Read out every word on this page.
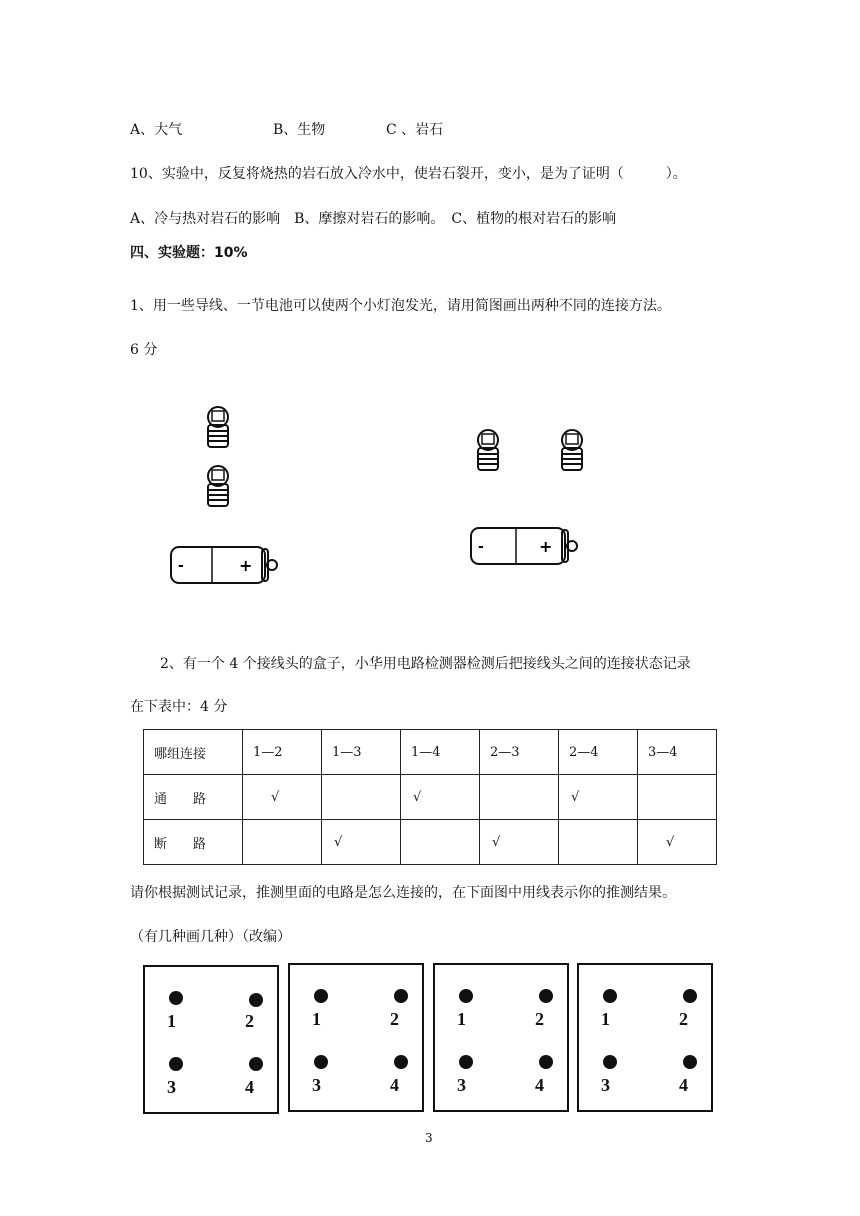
A、大气	B、生物	C 、岩石
10、实验中，反复将烧热的岩石放入冷水中，使岩石裂开，变小，是为了证明（　　　）。
A、冷与热对岩石的影响　B、摩擦对岩石的影响。　C、植物的根对岩石的影响
四、实验题：10%
1、用一些导线、一节电池可以使两个小灯泡发光，请用简图画出两种不同的连接方法。
6 分
-	+
-	+
2、有一个 4 个接线头的盒子，小华用电路检测器检测后把接线头之间的连接状态记录
在下表中：4 分
哪组连接	1—2	1—3	1—4	2—3	2—4	3—4
通　　路	√		√		√	
断　　路		√		√		√
请你根据测试记录，推测里面的电路是怎么连接的，在下面图中用线表示你的推测结果。
（有几种画几种）（改编）
1	2
3	4
1	2
3	4
1	2
3	4
1	2
3	4
3
